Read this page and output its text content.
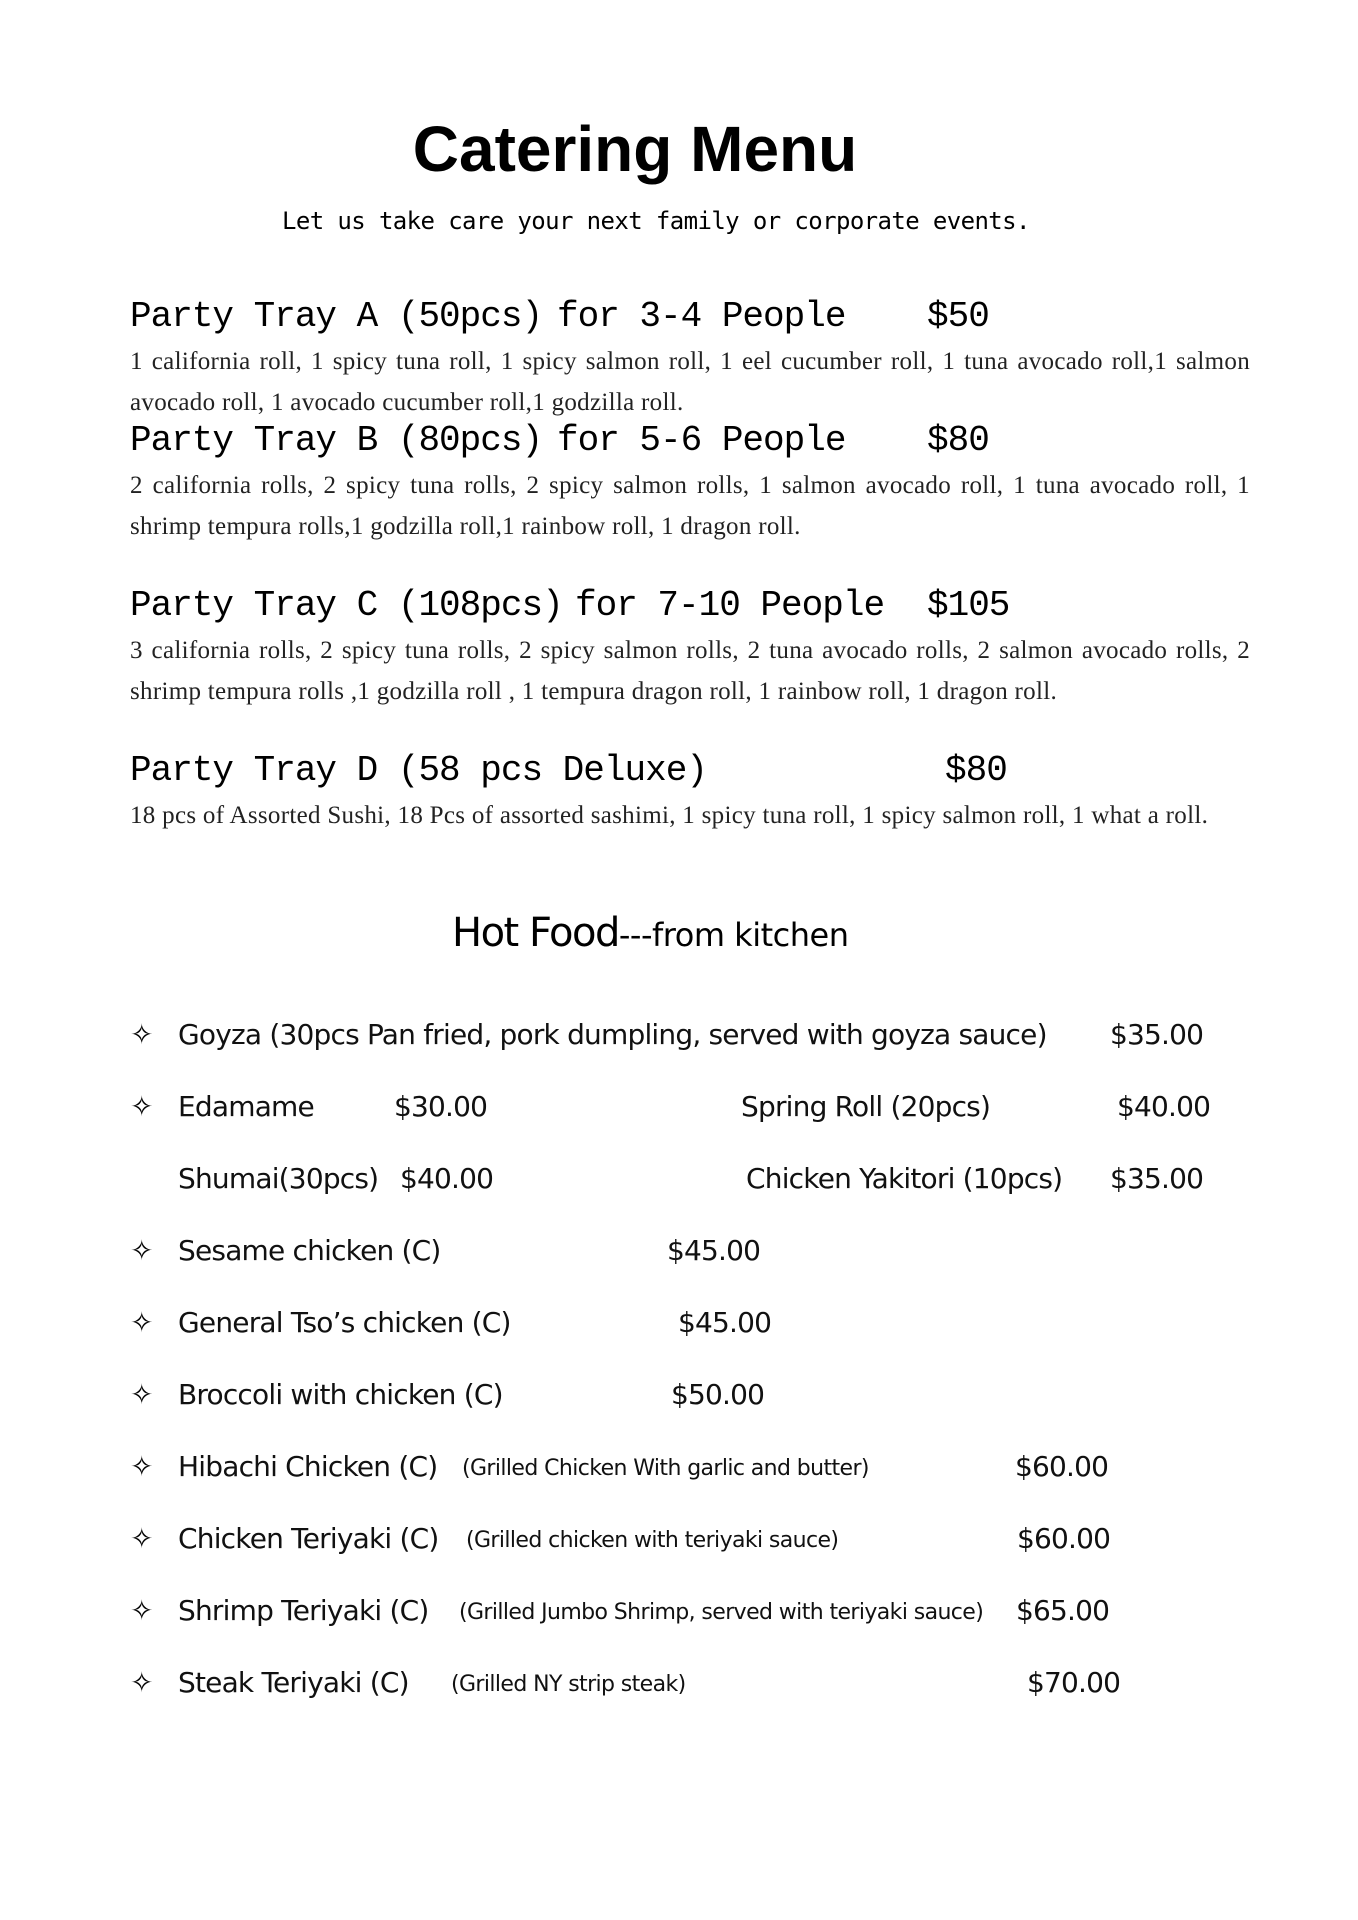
Catering Menu
Let us take care your next family or corporate events.
Party Tray A (50pcs) for 3-4 People $50
1 california roll, 1 spicy tuna roll, 1 spicy salmon roll, 1 eel cucumber roll, 1 tuna avocado roll,1 salmon avocado roll, 1 avocado cucumber roll,1 godzilla roll.
Party Tray B (80pcs) for 5-6 People $80
2 california rolls, 2 spicy tuna rolls, 2 spicy salmon rolls, 1 salmon avocado roll, 1 tuna avocado roll, 1 shrimp tempura rolls,1 godzilla roll,1 rainbow roll, 1 dragon roll.
Party Tray C (108pcs) for 7-10 People $105
3 california rolls, 2 spicy tuna rolls, 2 spicy salmon rolls, 2 tuna avocado rolls, 2 salmon avocado rolls, 2 shrimp tempura rolls ,1 godzilla roll , 1 tempura dragon roll, 1 rainbow roll, 1 dragon roll.
Party Tray D (58 pcs Deluxe)	$80
18 pcs of Assorted Sushi, 18 Pcs of assorted sashimi, 1 spicy tuna roll, 1 spicy salmon roll, 1 what a roll.
Hot Food---from kitchen
✧ Goyza (30pcs Pan fried, pork dumpling, served with goyza sauce) $35.00
✧ Edamame	$30.00	Spring Roll (20pcs)	$40.00
Shumai(30pcs) $40.00	Chicken Yakitori (10pcs) $35.00
✧ Sesame chicken (C)	$45.00
✧ General Tso’s chicken (C)	$45.00
✧ Broccoli with chicken (C)	$50.00
✧ Hibachi Chicken (C) (Grilled Chicken With garlic and butter)	$60.00
✧ Chicken Teriyaki (C) (Grilled chicken with teriyaki sauce)	$60.00
✧ Shrimp Teriyaki (C) (Grilled Jumbo Shrimp, served with teriyaki sauce) $65.00
✧ Steak Teriyaki (C) (Grilled NY strip steak)	$70.00
